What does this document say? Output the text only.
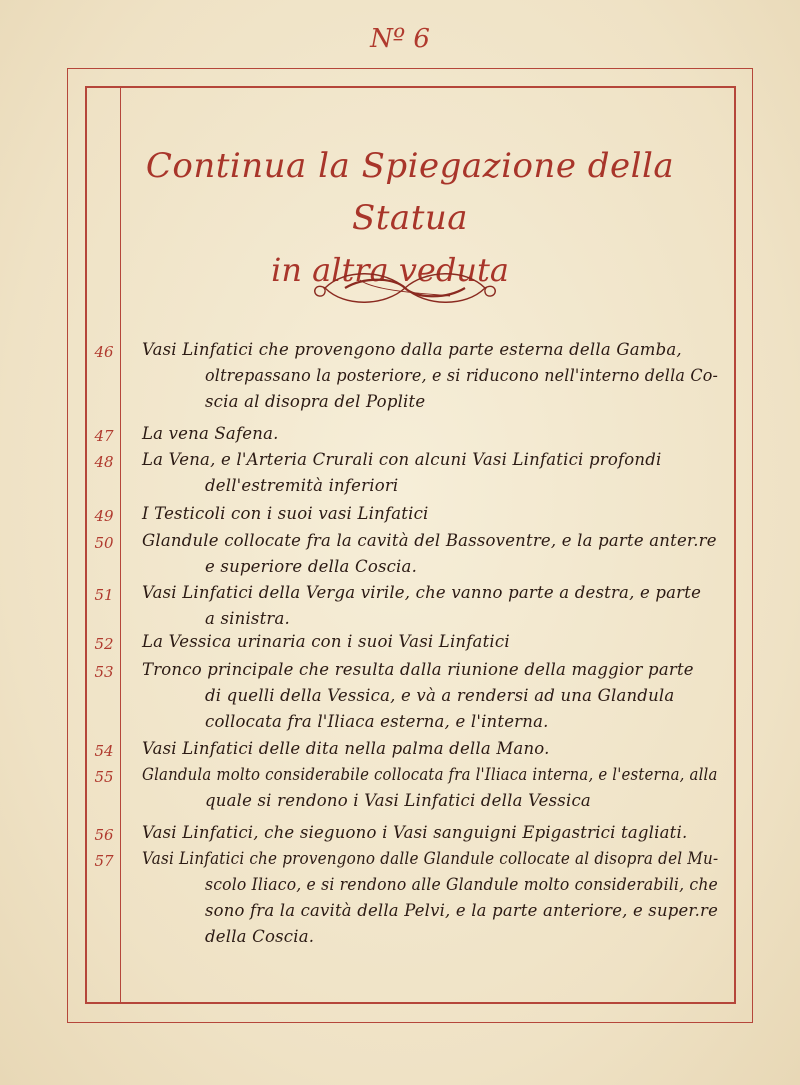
Nº 6
Continua la Spiegazione della Statua
in altra veduta
46	Vasi Linfatici che provengono dalla parte esterna della Gamba,
oltrepassano la posteriore, e si riducono nell'interno della Co-
scia al disopra del Poplite
47	La vena Safena.
48	La Vena, e l'Arteria Crurali con alcuni Vasi Linfatici profondi
dell'estremità inferiori
49	I Testicoli con i suoi vasi Linfatici
50	Glandule collocate fra la cavità del Bassoventre, e la parte anter.re
e superiore della Coscia.
51	Vasi Linfatici della Verga virile, che vanno parte a destra, e parte
a sinistra.
52	La Vessica urinaria con i suoi Vasi Linfatici
53	Tronco principale che resulta dalla riunione della maggior parte
di quelli della Vessica, e và a rendersi ad una Glandula
collocata fra l'Iliaca esterna, e l'interna.
54	Vasi Linfatici delle dita nella palma della Mano.
55	Glandula molto considerabile collocata fra l'Iliaca interna, e l'esterna, alla
quale si rendono i Vasi Linfatici della Vessica
56	Vasi Linfatici, che sieguono i Vasi sanguigni Epigastrici tagliati.
57	Vasi Linfatici che provengono dalle Glandule collocate al disopra del Mu-
scolo Iliaco, e si rendono alle Glandule molto considerabili, che
sono fra la cavità della Pelvi, e la parte anteriore, e super.re
della Coscia.
